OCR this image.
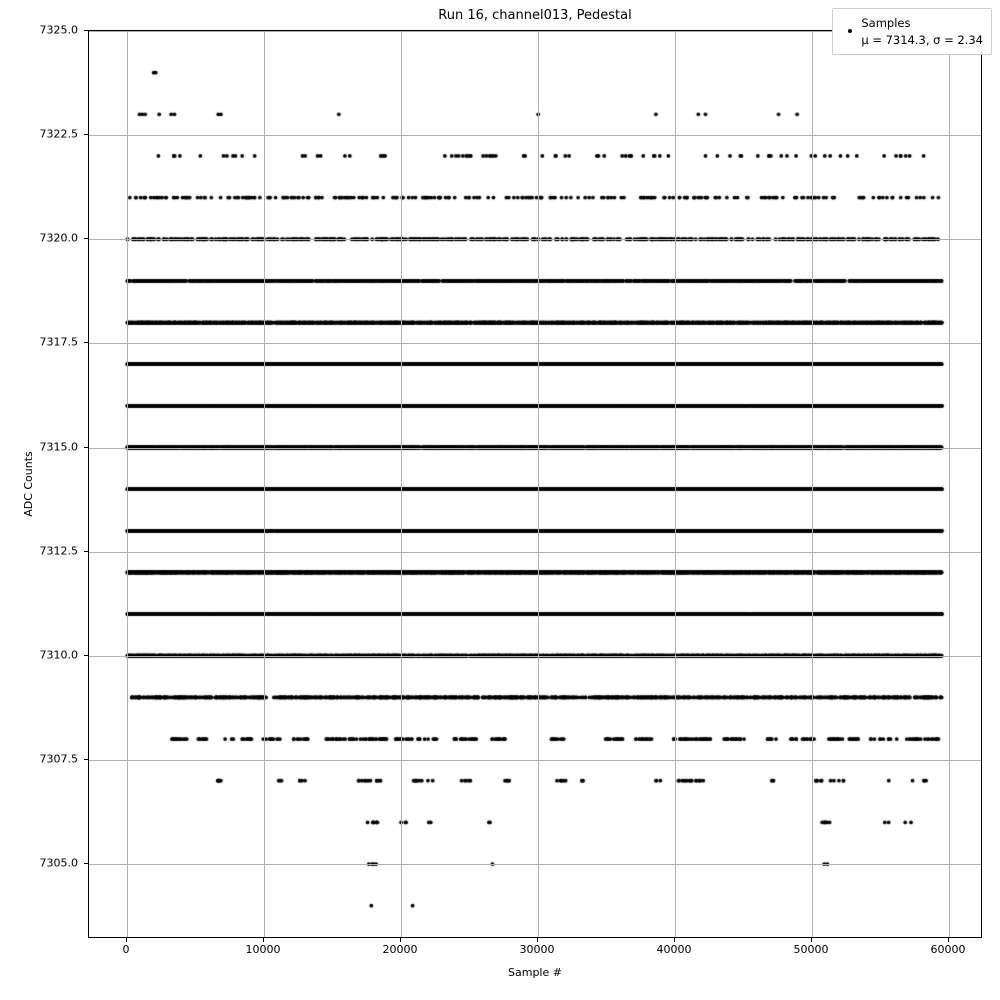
Run 16, channel013, Pedestal
ADC Counts
Sample #
0	10000	20000	30000	40000	50000	60000
7305.0
7307.5
7310.0
7312.5
7315.0
7317.5
7320.0
7322.5
7325.0	Samples
μ = 7314.3, σ = 2.34
